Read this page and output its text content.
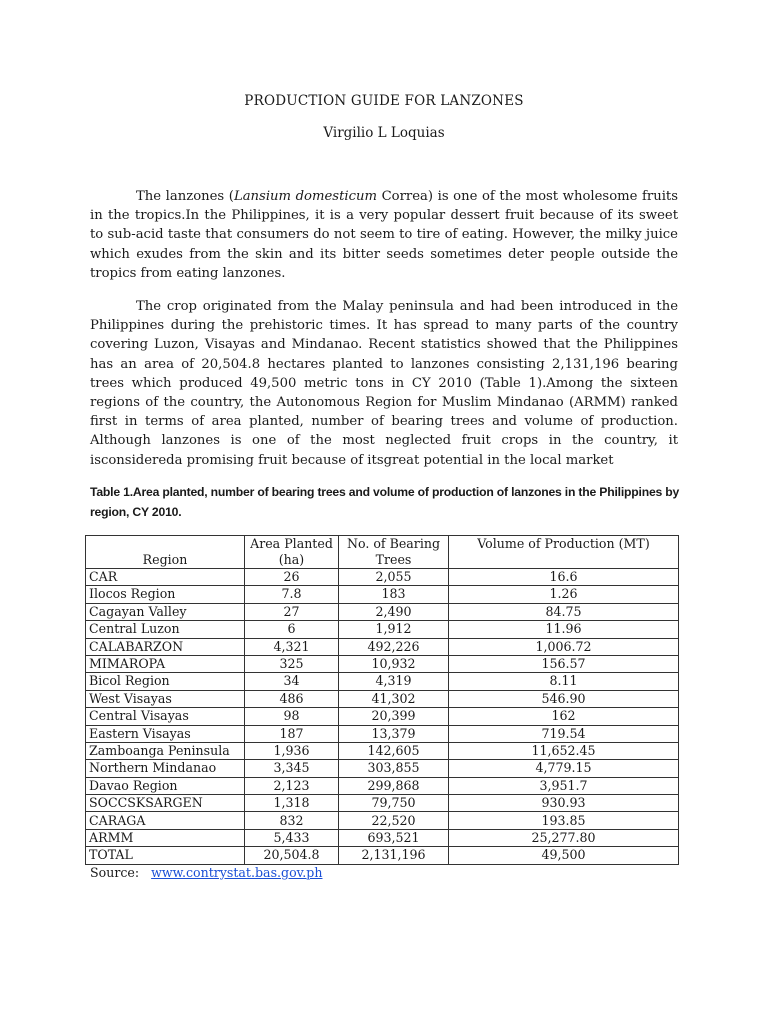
PRODUCTION GUIDE FOR LANZONES
Virgilio L Loquias

The lanzones (Lansium domesticum Correa) is one of the most wholesome fruits in the tropics.In the Philippines, it is a very popular dessert fruit because of its sweet to sub-acid taste that consumers do not seem to tire of eating. However, the milky juice which exudes from the skin and its bitter seeds sometimes deter people outside the tropics from eating lanzones.

The crop originated from the Malay peninsula and had been introduced in the Philippines during the prehistoric times. It has spread to many parts of the country covering Luzon, Visayas and Mindanao. Recent statistics showed that the Philippines has an area of 20,504.8 hectares planted to lanzones consisting 2,131,196 bearing trees which produced 49,500 metric tons in CY 2010 (Table 1).Among the sixteen regions of the country, the Autonomous Region for Muslim Mindanao (ARMM) ranked first in terms of area planted, number of bearing trees and volume of production. Although lanzones is one of the most neglected fruit crops in the country, it isconsidereda promising fruit because of itsgreat potential in the local market

Table 1.Area planted, number of bearing trees and volume of production of lanzones in the Philippines by region, CY 2010.

Region	Area Planted (ha)	No. of Bearing Trees	Volume of Production (MT)
CAR	26	2,055	16.6
Ilocos Region	7.8	183	1.26
Cagayan Valley	27	2,490	84.75
Central Luzon	6	1,912	11.96
CALABARZON	4,321	492,226	1,006.72
MIMAROPA	325	10,932	156.57
Bicol Region	34	4,319	8.11
West Visayas	486	41,302	546.90
Central Visayas	98	20,399	162
Eastern Visayas	187	13,379	719.54
Zamboanga Peninsula	1,936	142,605	11,652.45
Northern Mindanao	3,345	303,855	4,779.15
Davao Region	2,123	299,868	3,951.7
SOCCSKSARGEN	1,318	79,750	930.93
CARAGA	832	22,520	193.85
ARMM	5,433	693,521	25,277.80
TOTAL	20,504.8	2,131,196	49,500
Source: www.contrystat.bas.gov.ph
